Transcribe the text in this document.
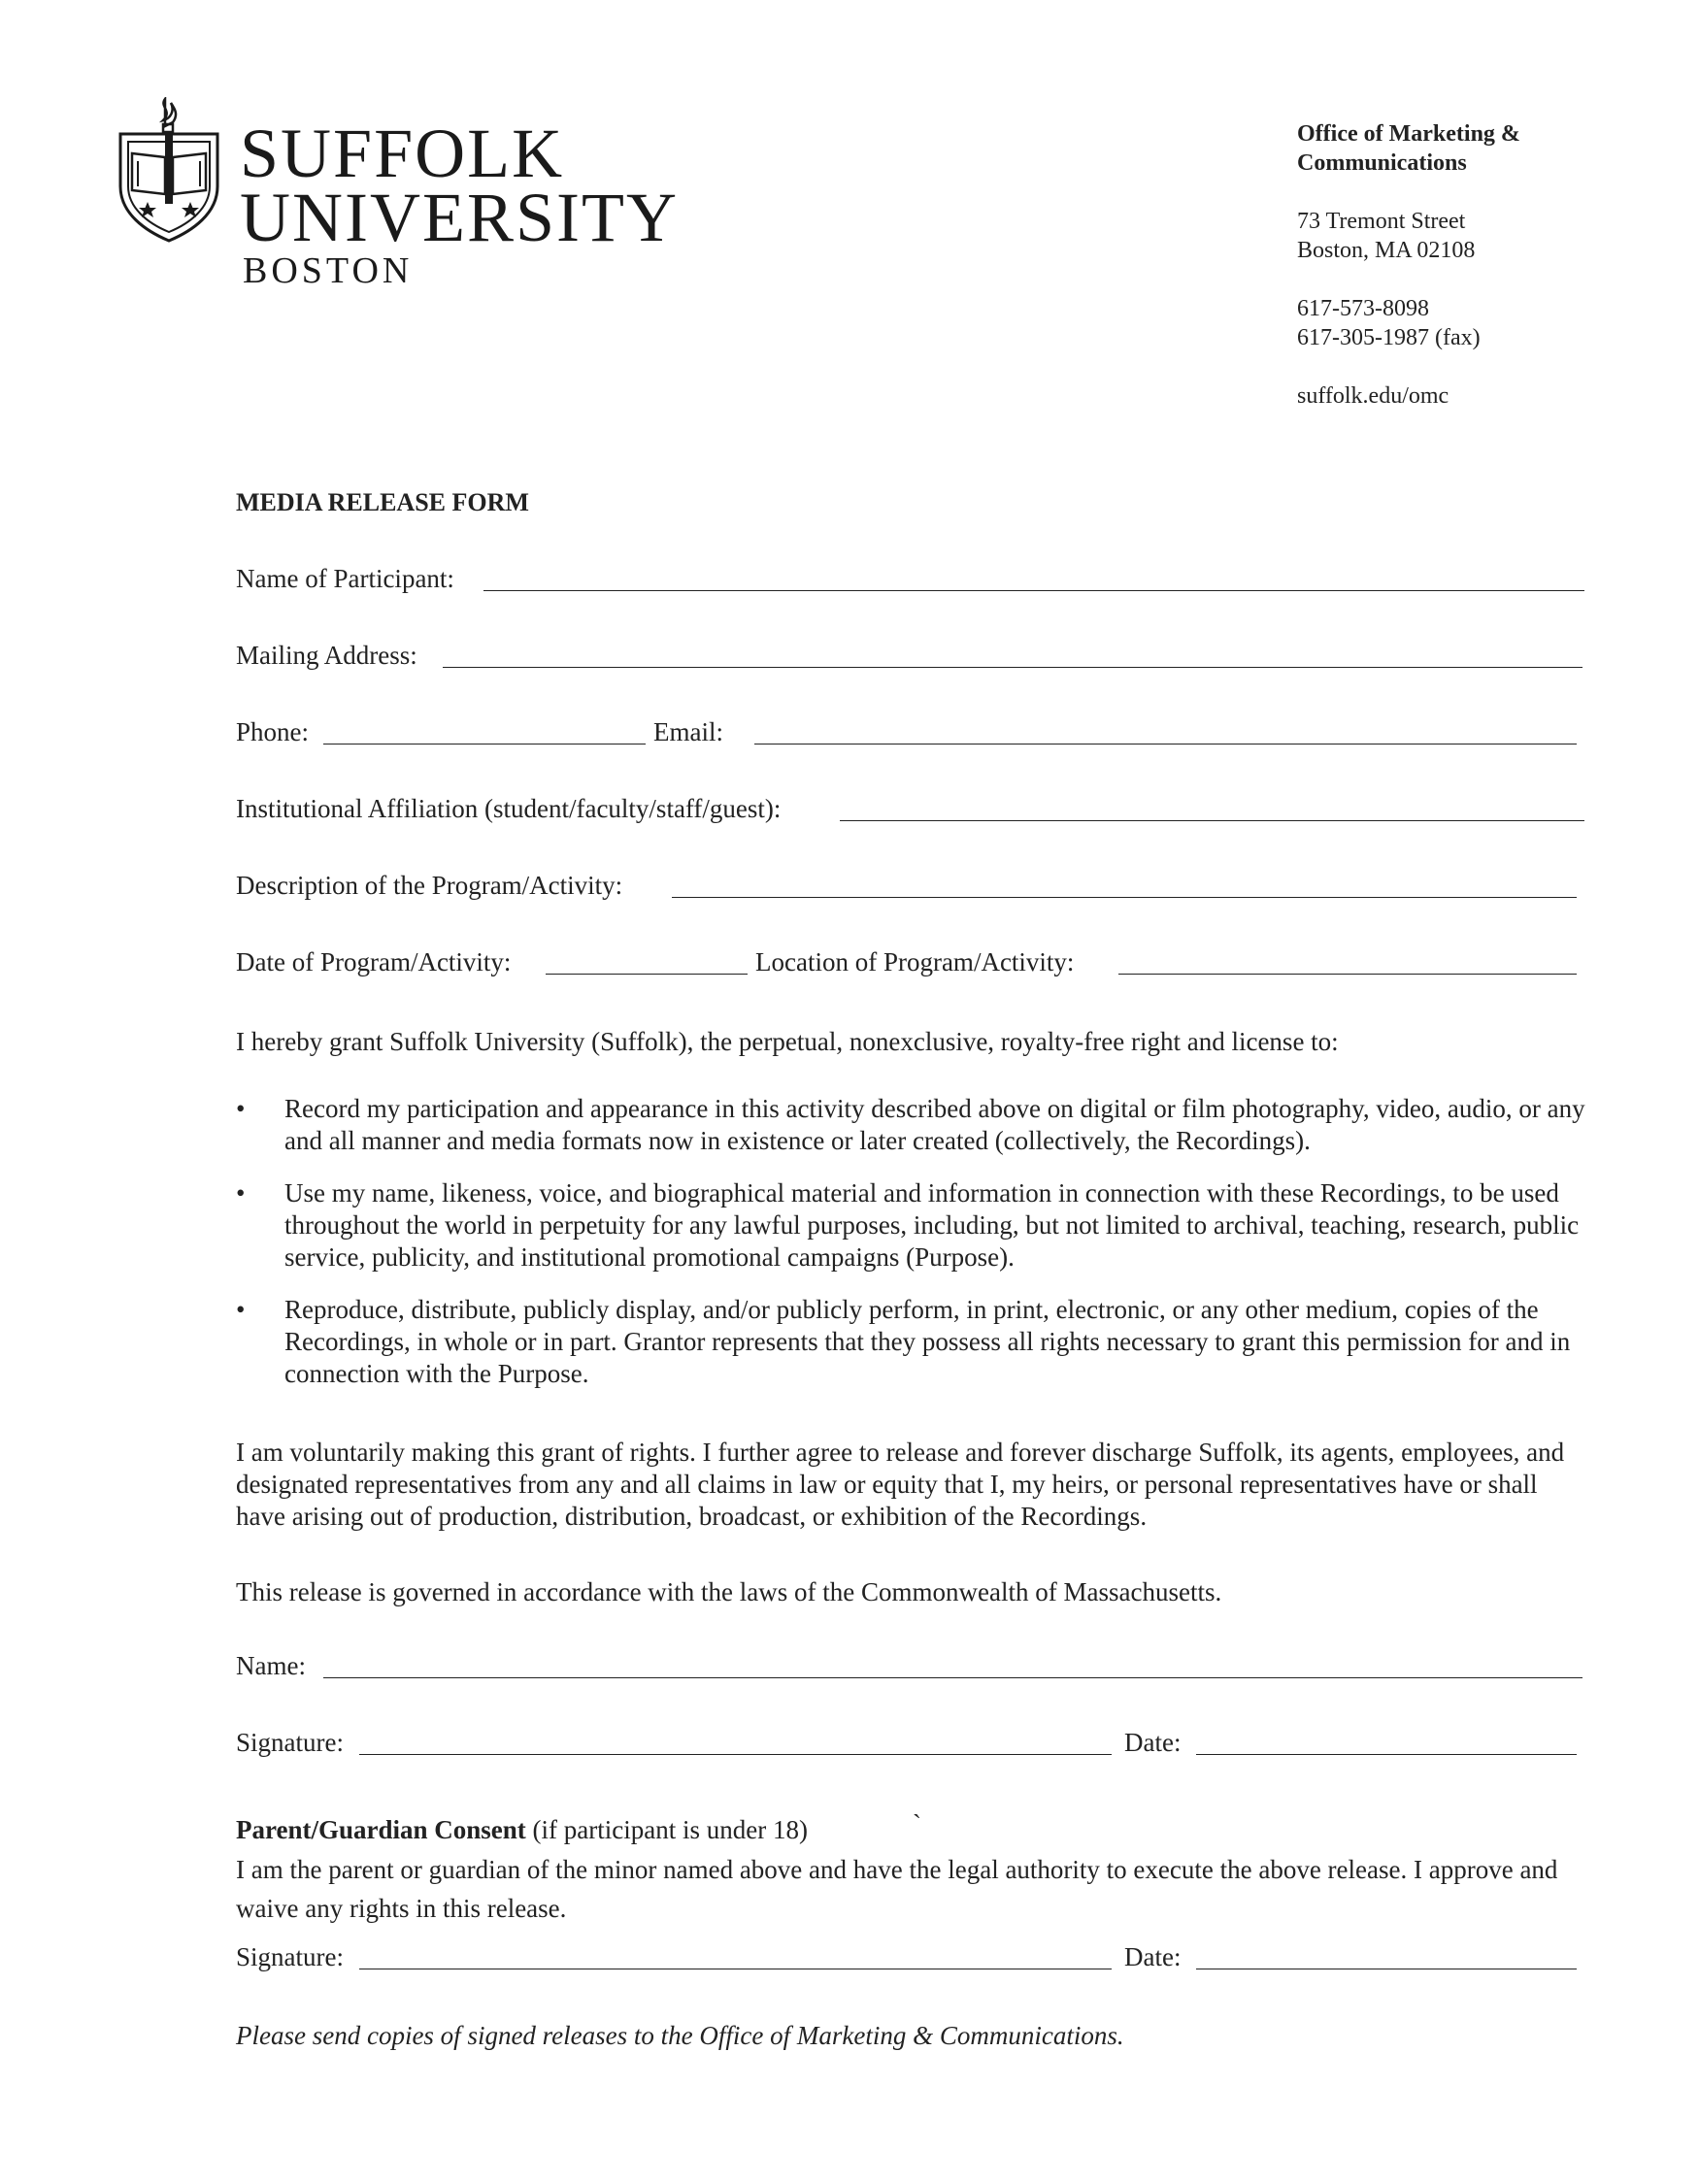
SUFFOLK
UNIVERSITY
BOSTON
Office of Marketing &
Communications
73 Tremont Street
Boston, MA 02108
617-573-8098
617-305-1987 (fax)
suffolk.edu/omc
MEDIA RELEASE FORM
Name of Participant:
Mailing Address:
Phone:	Email:
Institutional Affiliation (student/faculty/staff/guest):
Description of the Program/Activity:
Date of Program/Activity:	Location of Program/Activity:
I hereby grant Suffolk University (Suffolk), the perpetual, nonexclusive, royalty-free right and license to:
• Record my participation and appearance in this activity described above on digital or film photography, video, audio, or any and all manner and media formats now in existence or later created (collectively, the Recordings).
• Use my name, likeness, voice, and biographical material and information in connection with these Recordings, to be used throughout the world in perpetuity for any lawful purposes, including, but not limited to archival, teaching, research, public service, publicity, and institutional promotional campaigns (Purpose).
• Reproduce, distribute, publicly display, and/or publicly perform, in print, electronic, or any other medium, copies of the Recordings, in whole or in part. Grantor represents that they possess all rights necessary to grant this permission for and in connection with the Purpose.
I am voluntarily making this grant of rights. I further agree to release and forever discharge Suffolk, its agents, employees, and designated representatives from any and all claims in law or equity that I, my heirs, or personal representatives have or shall have arising out of production, distribution, broadcast, or exhibition of the Recordings.
This release is governed in accordance with the laws of the Commonwealth of Massachusetts.
Name:
Signature:	Date:
Parent/Guardian Consent (if participant is under 18)	`
I am the parent or guardian of the minor named above and have the legal authority to execute the above release. I approve and waive any rights in this release.
Signature:	Date:
Please send copies of signed releases to the Office of Marketing & Communications.
